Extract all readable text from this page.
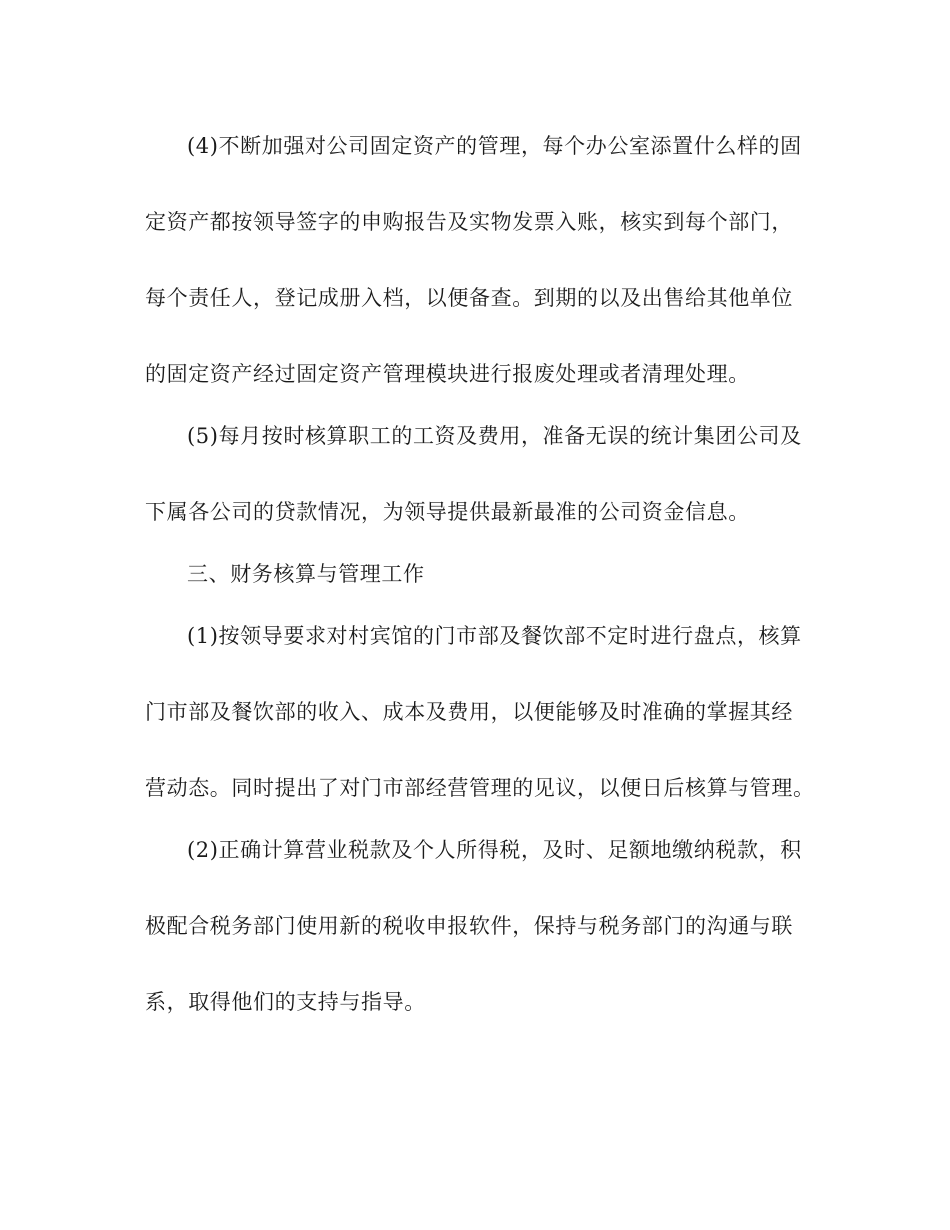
(4)不断加强对公司固定资产的管理，每个办公室添置什么样的固
定资产都按领导签字的申购报告及实物发票入账，核实到每个部门，
每个责任人，登记成册入档，以便备查。到期的以及出售给其他单位
的固定资产经过固定资产管理模块进行报废处理或者清理处理。
(5)每月按时核算职工的工资及费用，准备无误的统计集团公司及
下属各公司的贷款情况，为领导提供最新最准的公司资金信息。
三、财务核算与管理工作
(1)按领导要求对村宾馆的门市部及餐饮部不定时进行盘点，核算
门市部及餐饮部的收入、成本及费用，以便能够及时准确的掌握其经
营动态。同时提出了对门市部经营管理的见议，以便日后核算与管理。
(2)正确计算营业税款及个人所得税，及时、足额地缴纳税款，积
极配合税务部门使用新的税收申报软件，保持与税务部门的沟通与联
系，取得他们的支持与指导。
